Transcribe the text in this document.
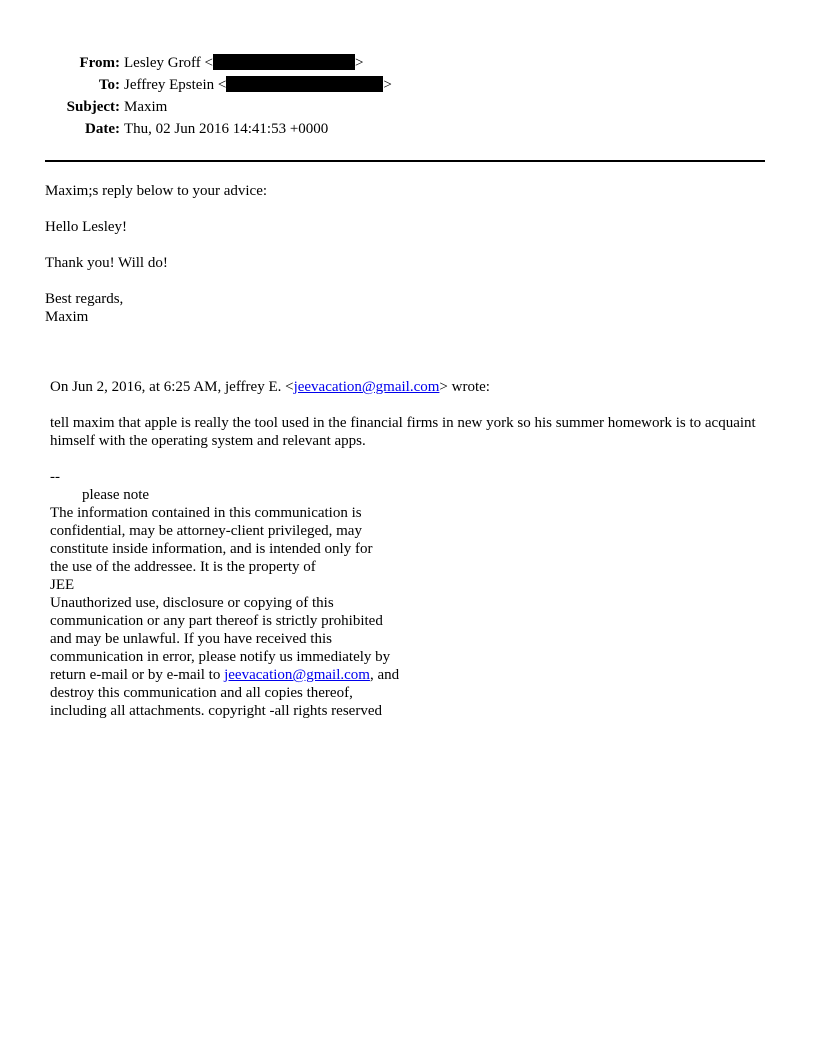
From: Lesley Groff <	>
To: Jeffrey Epstein <	>
Subject: Maxim
Date: Thu, 02 Jun 2016 14:41:53 +0000

Maxim;s reply below to your advice:

Hello Lesley!

Thank you! Will do!

Best regards,

Maxim

On Jun 2, 2016, at 6:25 AM, jeffrey E. <jeevacation@gmail.com> wrote:

tell maxim that apple is really the tool used in the financial firms in new york so his summer homework is to acquaint himself with the operating system and relevant apps.

--

please note

The information contained in this communication is

confidential, may be attorney-client privileged, may

constitute inside information, and is intended only for

the use of the addressee. It is the property of

JEE

Unauthorized use, disclosure or copying of this

communication or any part thereof is strictly prohibited

and may be unlawful. If you have received this

communication in error, please notify us immediately by

return e-mail or by e-mail to jeevacation@gmail.com, and

destroy this communication and all copies thereof,

including all attachments. copyright -all rights reserved
